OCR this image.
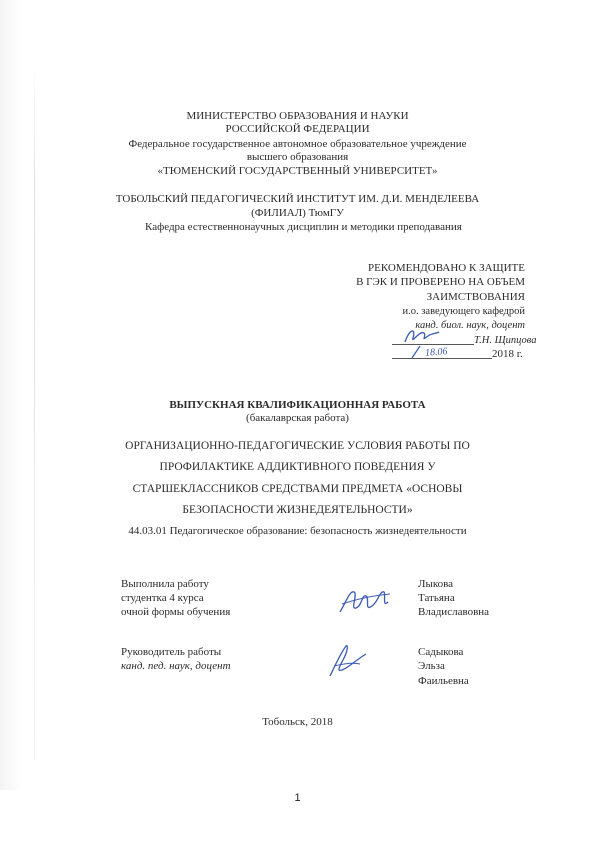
МИНИСТЕРСТВО ОБРАЗОВАНИЯ И НАУКИ
РОССИЙСКОЙ ФЕДЕРАЦИИ
Федеральное государственное автономное образовательное учреждение
высшего образования
«ТЮМЕНСКИЙ ГОСУДАРСТВЕННЫЙ УНИВЕРСИТЕТ»
ТОБОЛЬСКИЙ ПЕДАГОГИЧЕСКИЙ ИНСТИТУТ ИМ. Д.И. МЕНДЕЛЕЕВА
(ФИЛИАЛ) ТюмГУ
Кафедра естественнонаучных дисциплин и методики преподавания
РЕКОМЕНДОВАНО К ЗАЩИТЕ
В ГЭК И ПРОВЕРЕНО НА ОБЪЕМ
ЗАИМСТВОВАНИЯ
и.о. заведующего кафедрой
канд. биол. наук, доцент
Т.Н. Щипцова
18.06	2018 г.
ВЫПУСКНАЯ КВАЛИФИКАЦИОННАЯ РАБОТА
(бакалаврская работа)
ОРГАНИЗАЦИОННО-ПЕДАГОГИЧЕСКИЕ УСЛОВИЯ РАБОТЫ ПО
ПРОФИЛАКТИКЕ АДДИКТИВНОГО ПОВЕДЕНИЯ У
СТАРШЕКЛАССНИКОВ СРЕДСТВАМИ ПРЕДМЕТА «ОСНОВЫ
БЕЗОПАСНОСТИ ЖИЗНЕДЕЯТЕЛЬНОСТИ»
44.03.01 Педагогическое образование: безопасность жизнедеятельности
Выполнила работу
студентка 4 курса
очной формы обучения
Лыкова
Татьяна
Владиславовна
Руководитель работы
канд. пед. наук, доцент
Садыкова
Эльза
Фаильевна
Тобольск, 2018
1
